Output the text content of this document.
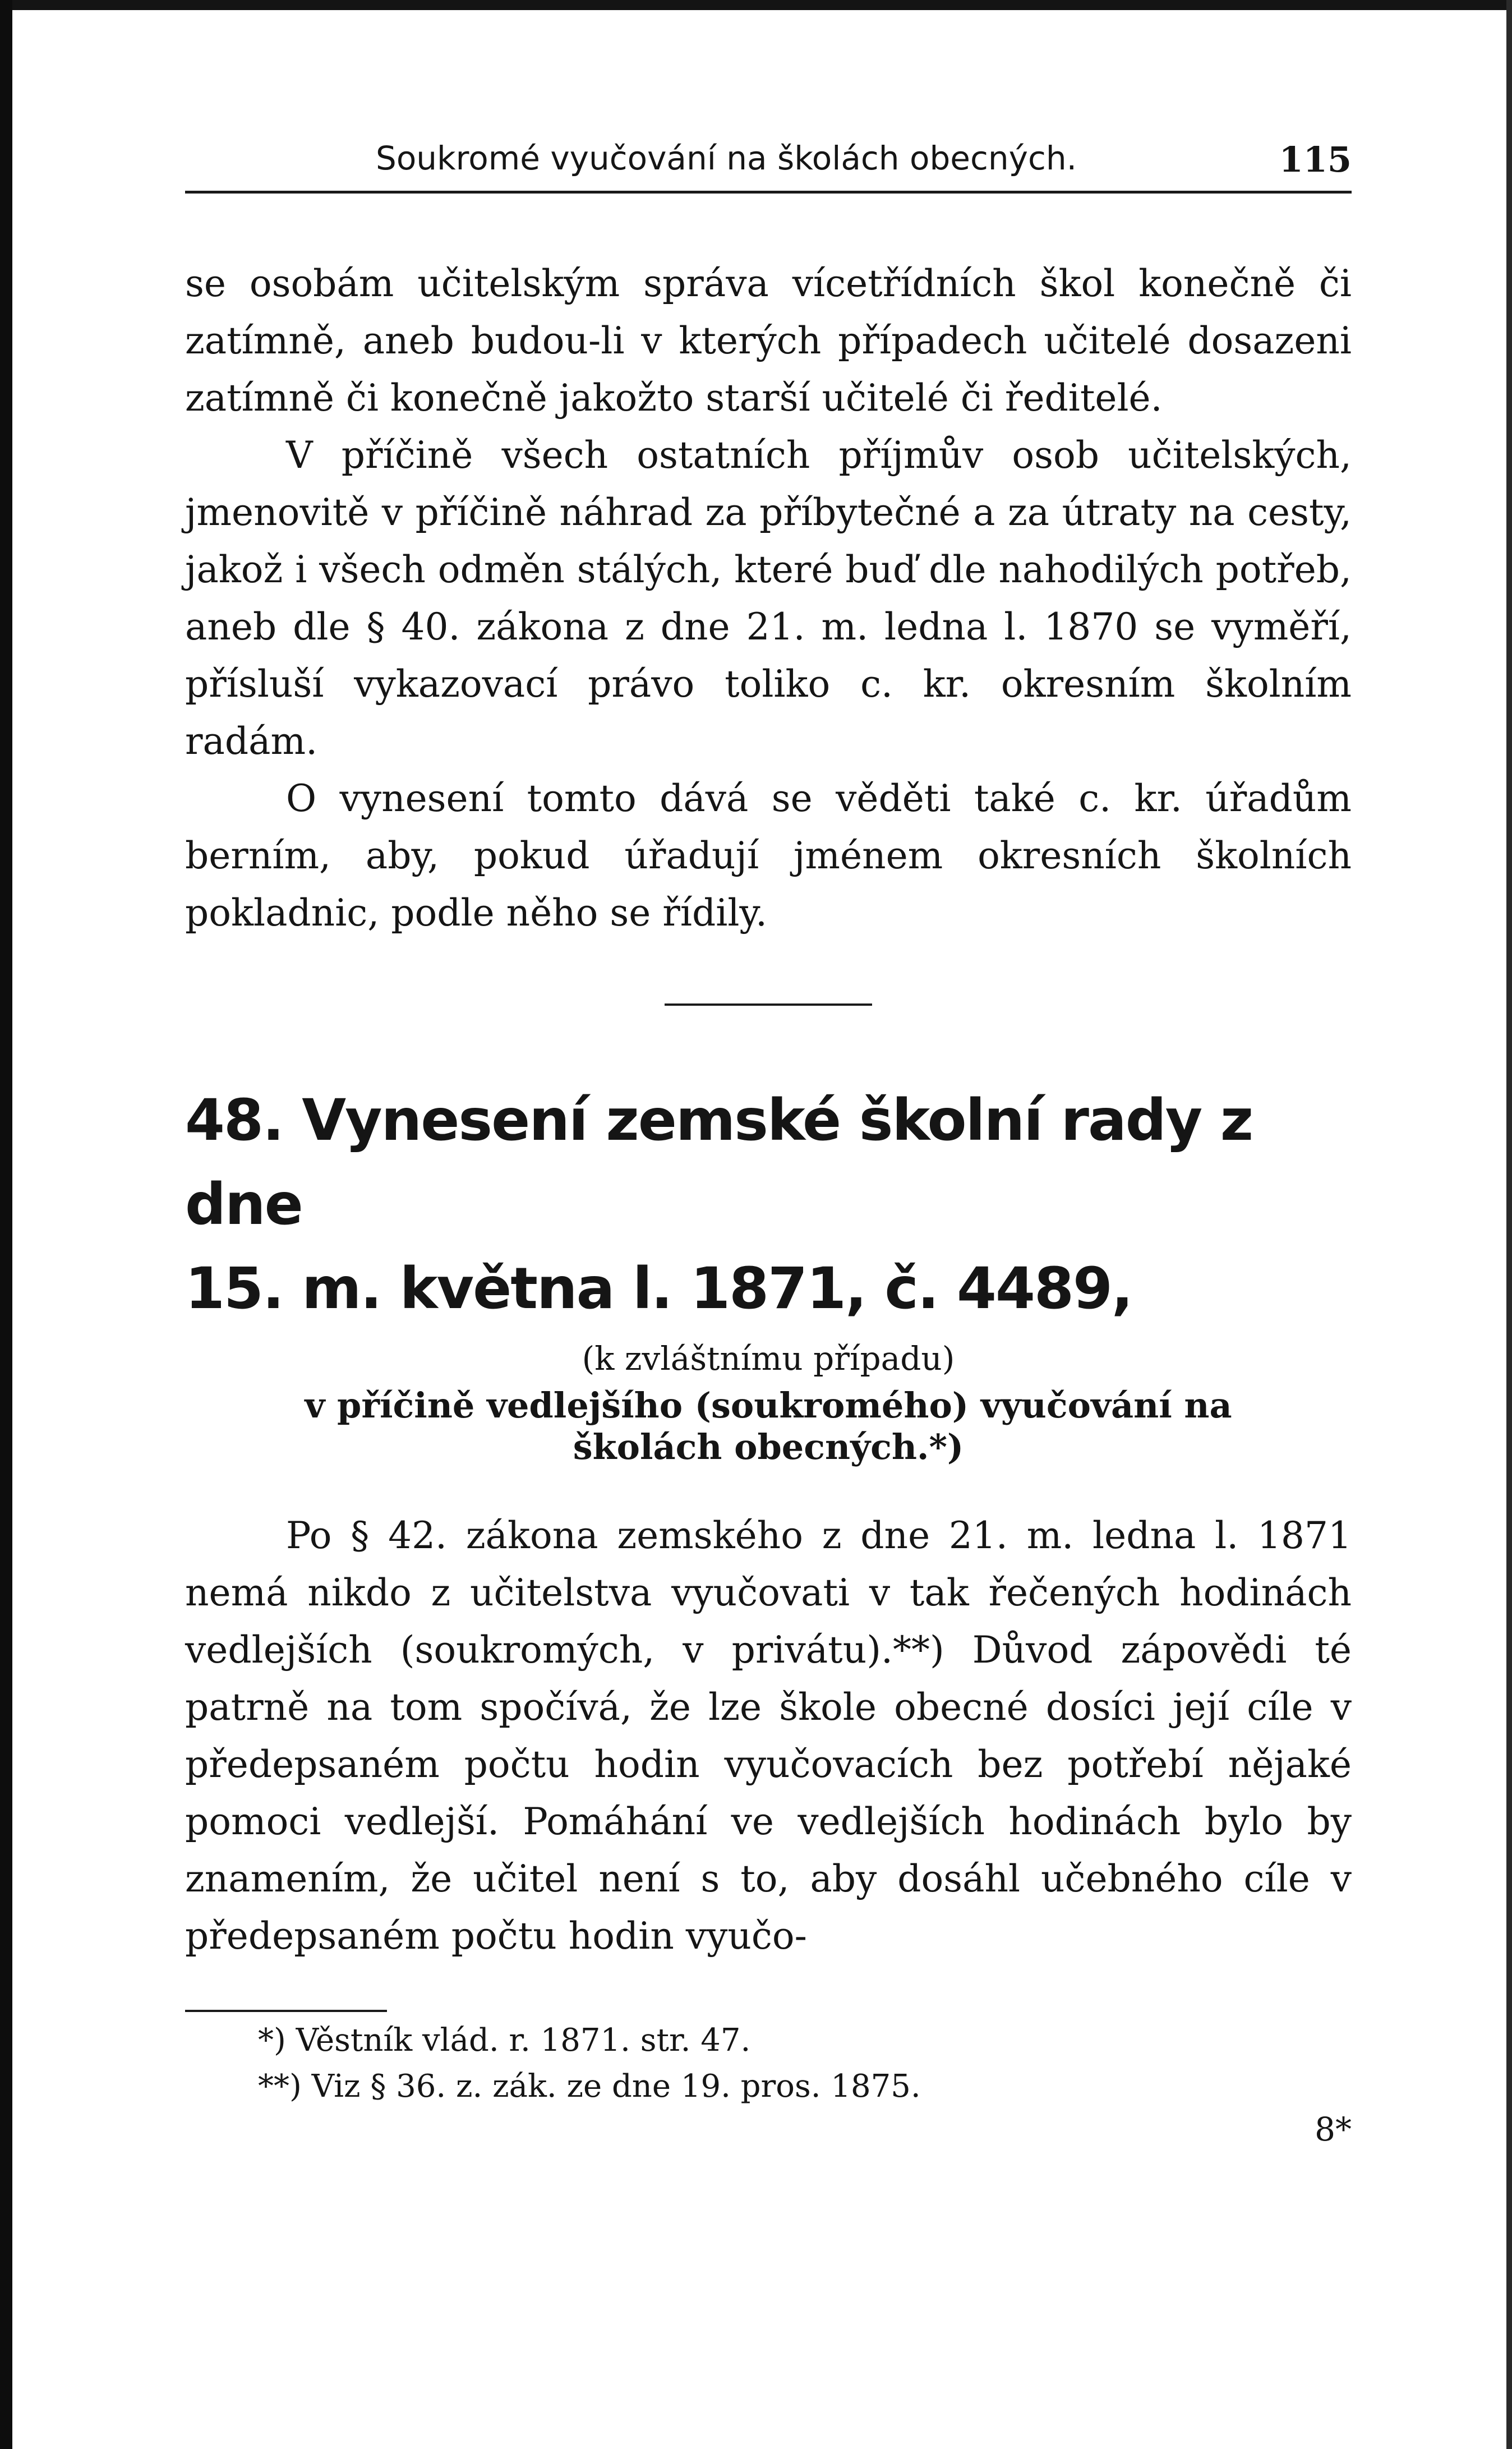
Soukromé vyučování na školách obecných.	115

se osobám učitelským správa vícetřídních škol konečně či zatímně, aneb budou-li v kterých případech učitelé dosazeni zatímně či konečně jakožto starší učitelé či ředitelé.

V příčině všech ostatních příjmův osob učitelských, jmenovitě v příčině náhrad za příbytečné a za útraty na cesty, jakož i všech odměn stálých, které buď dle nahodilých potřeb, aneb dle § 40. zákona z dne 21. m. ledna l. 1870 se vyměří, přísluší vykazovací právo toliko c. kr. okresním školním radám.

O vynesení tomto dává se věděti také c. kr. úřadům berním, aby, pokud úřadují jménem okresních školních pokladnic, podle něho se řídily.

48. Vynesení zemské školní rady z dne
15. m. května l. 1871, č. 4489,
(k zvláštnímu případu)
v příčině vedlejšího (soukromého) vyučování na
školách obecných.*)

Po § 42. zákona zemského z dne 21. m. ledna l. 1871 nemá nikdo z učitelstva vyučovati v tak řečených hodinách vedlejších (soukromých, v privátu).**) Důvod zápovědi té patrně na tom spočívá, že lze škole obecné dosíci její cíle v předepsaném počtu hodin vyučovacích bez potřebí nějaké pomoci vedlejší. Pomáhání ve vedlejších hodinách bylo by znamením, že učitel není s to, aby dosáhl učebného cíle v předepsaném počtu hodin vyučo-

*) Věstník vlád. r. 1871. str. 47.
**) Viz § 36. z. zák. ze dne 19. pros. 1875.
8*
